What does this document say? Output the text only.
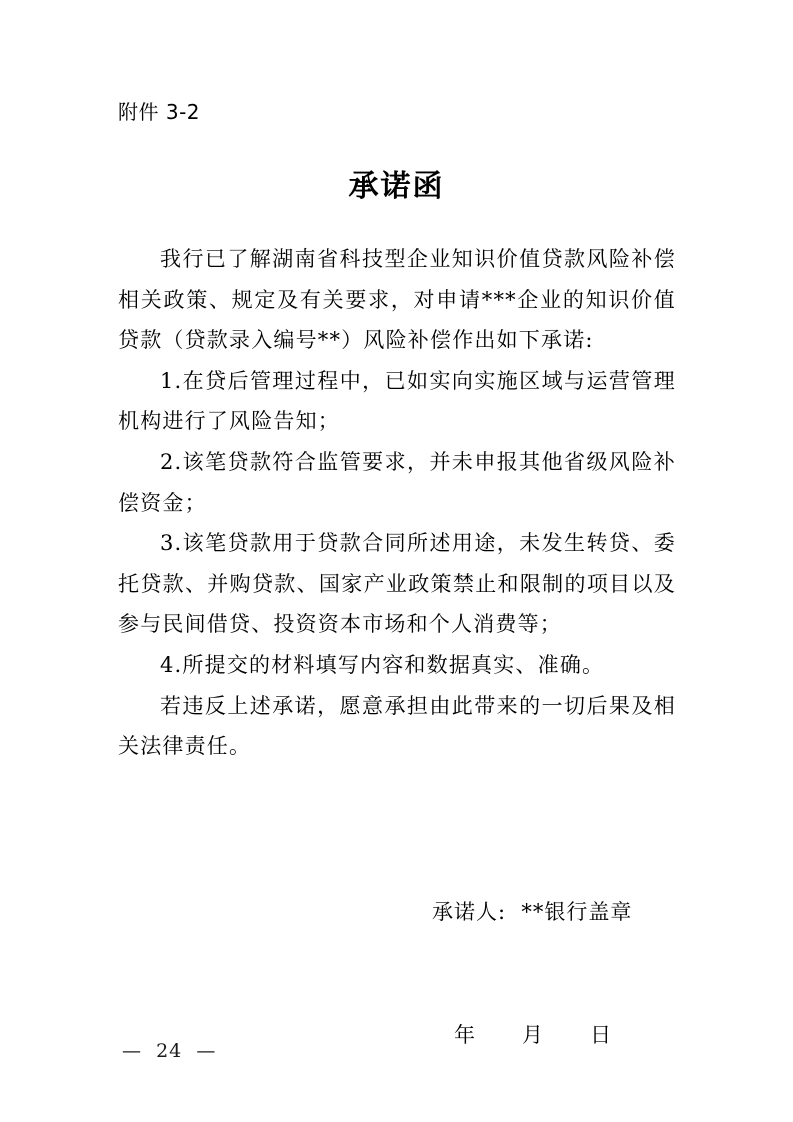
附件 3-2
承诺函

我行已了解湖南省科技型企业知识价值贷款风险补偿相关政策、规定及有关要求，对申请***企业的知识价值贷款（贷款录入编号**）风险补偿作出如下承诺:

1.在贷后管理过程中，已如实向实施区域与运营管理机构进行了风险告知；

2.该笔贷款符合监管要求，并未申报其他省级风险补偿资金；

3.该笔贷款用于贷款合同所述用途，未发生转贷、委托贷款、并购贷款、国家产业政策禁止和限制的项目以及参与民间借贷、投资资本市场和个人消费等；

4.所提交的材料填写内容和数据真实、准确。

若违反上述承诺，愿意承担由此带来的一切后果及相关法律责任。

承诺人:  **银行盖章

年      月      日

—  24  —
